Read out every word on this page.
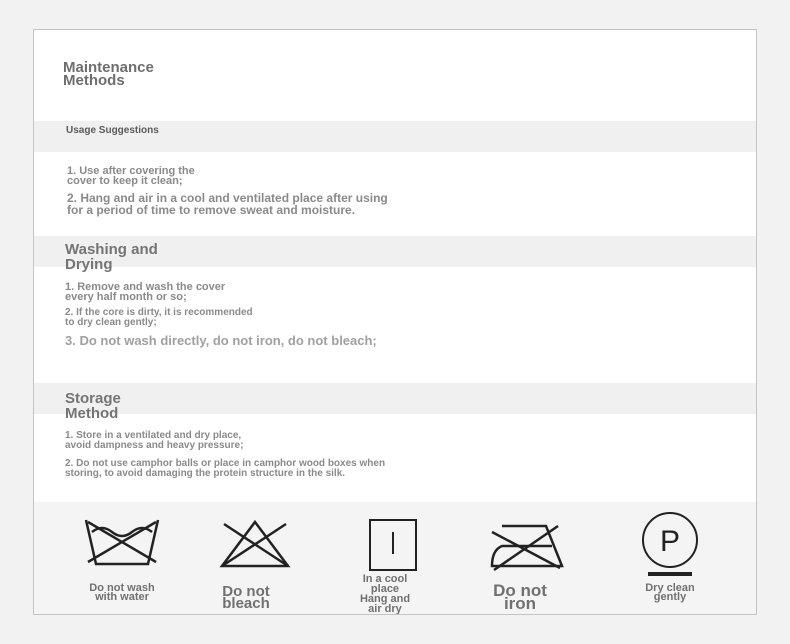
Maintenance
Methods
Usage Suggestions

1. Use after covering the
cover to keep it clean;

2. Hang and air in a cool and ventilated place after using
for a period of time to remove sweat and moisture.

Washing and
Drying

1. Remove and wash the cover
every half month or so;

2. If the core is dirty, it is recommended
to dry clean gently;

3. Do not wash directly, do not iron, do not bleach;

Storage
Method

1. Store in a ventilated and dry place,
avoid dampness and heavy pressure;

2. Do not use camphor balls or place in camphor wood boxes when
storing, to avoid damaging the protein structure in the silk.

Do not wash
with water	Do not
bleach
In a cool
place
Hang and
air dry
Do not
iron
P
Dry clean
gently
